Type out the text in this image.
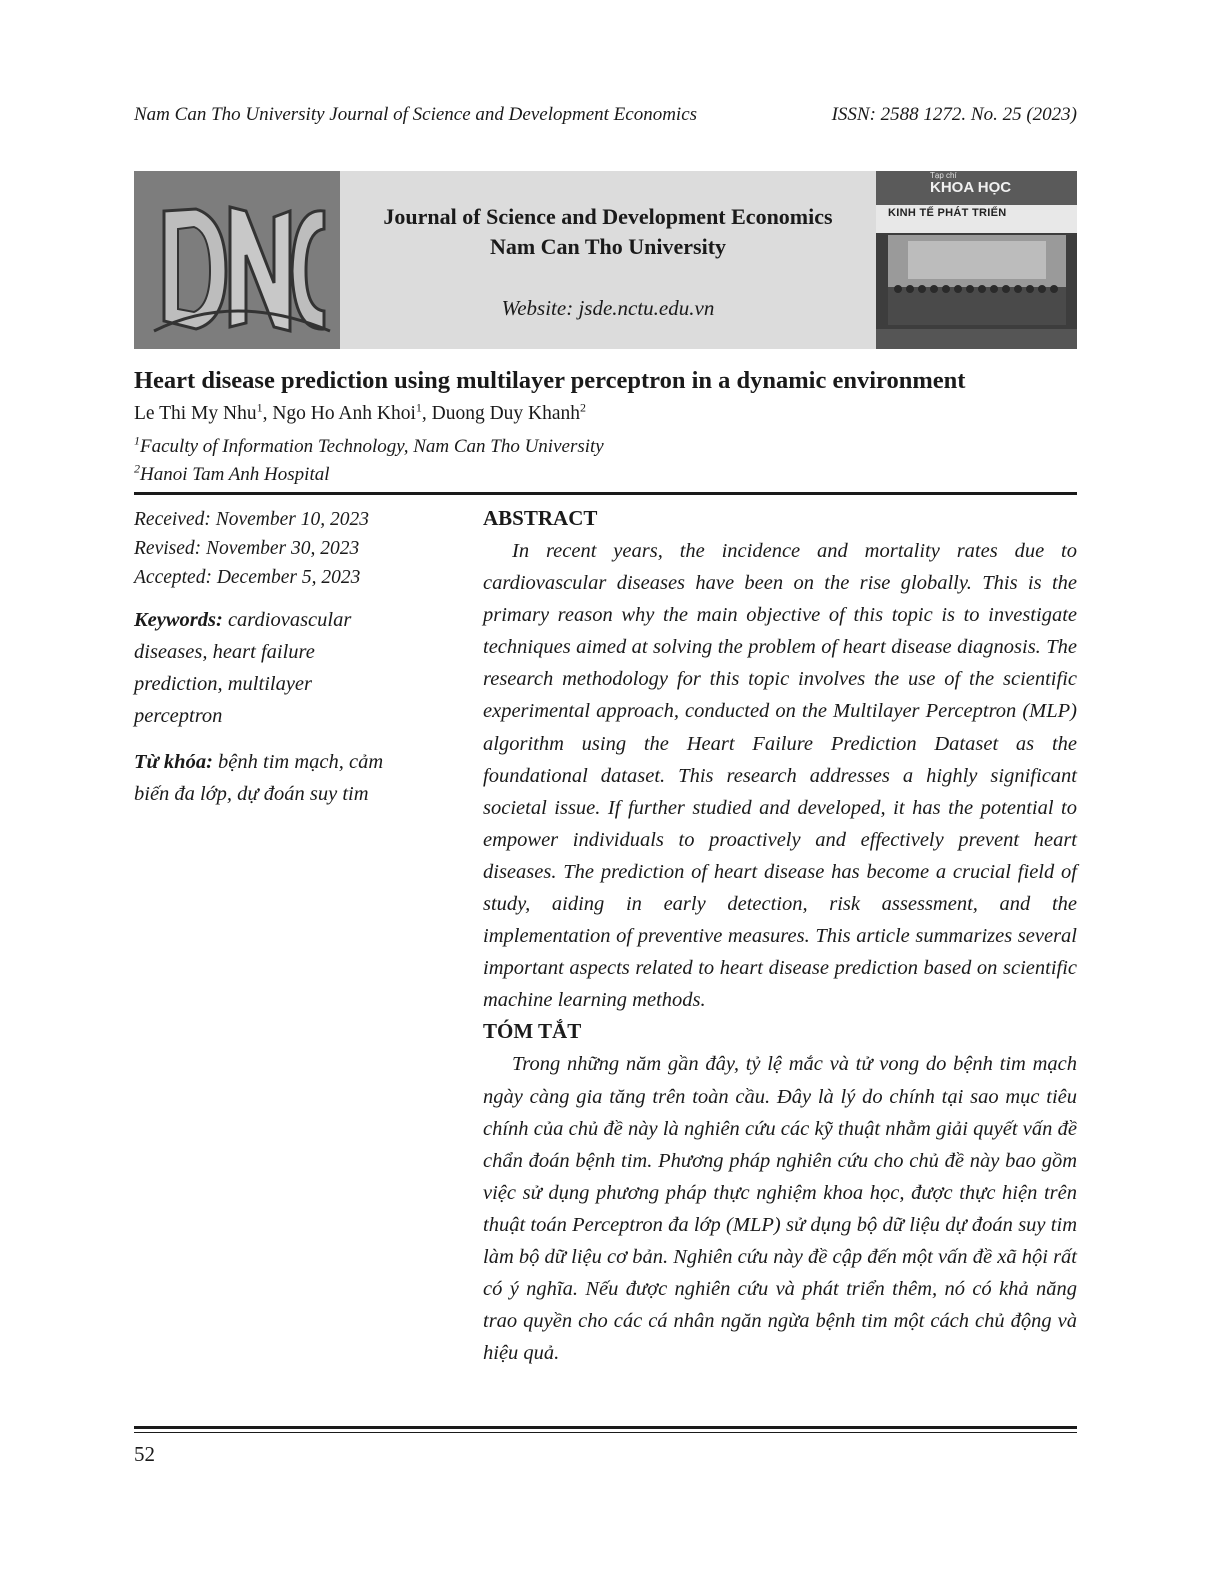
Nam Can Tho University Journal of Science and Development Economics	ISSN: 2588 1272. No. 25 (2023)
Journal of Science and Development Economics
Nam Can Tho University
Website: jsde.nctu.edu.vn
Tạp chí
KHOA HỌC
KINH TẾ PHÁT TRIỂN
Heart disease prediction using multilayer perceptron in a dynamic environment
Le Thi My Nhu$^1$, Ngo Ho Anh Khoi$^1$, Duong Duy Khanh$^2$
$^1$Faculty of Information Technology, Nam Can Tho University
$^2$Hanoi Tam Anh Hospital
Received: November 10, 2023
Revised: November 30, 2023
Accepted: December 5, 2023
Keywords: cardiovascular diseases, heart failure prediction, multilayer perceptron
Từ khóa: bệnh tim mạch, cảm biến đa lớp, dự đoán suy tim
ABSTRACT

In recent years, the incidence and mortality rates due to cardiovascular diseases have been on the rise globally. This is the primary reason why the main objective of this topic is to investigate techniques aimed at solving the problem of heart disease diagnosis. The research methodology for this topic involves the use of the scientific experimental approach, conducted on the Multilayer Perceptron (MLP) algorithm using the Heart Failure Prediction Dataset as the foundational dataset. This research addresses a highly significant societal issue. If further studied and developed, it has the potential to empower individuals to proactively and effectively prevent heart diseases. The prediction of heart disease has become a crucial field of study, aiding in early detection, risk assessment, and the implementation of preventive measures. This article summarizes several important aspects related to heart disease prediction based on scientific machine learning methods.

TÓM TẮT

Trong những năm gần đây, tỷ lệ mắc và tử vong do bệnh tim mạch ngày càng gia tăng trên toàn cầu. Đây là lý do chính tại sao mục tiêu chính của chủ đề này là nghiên cứu các kỹ thuật nhằm giải quyết vấn đề chẩn đoán bệnh tim. Phương pháp nghiên cứu cho chủ đề này bao gồm việc sử dụng phương pháp thực nghiệm khoa học, được thực hiện trên thuật toán Perceptron đa lớp (MLP) sử dụng bộ dữ liệu dự đoán suy tim làm bộ dữ liệu cơ bản. Nghiên cứu này đề cập đến một vấn đề xã hội rất có ý nghĩa. Nếu được nghiên cứu và phát triển thêm, nó có khả năng trao quyền cho các cá nhân ngăn ngừa bệnh tim một cách chủ động và hiệu quả.

52
